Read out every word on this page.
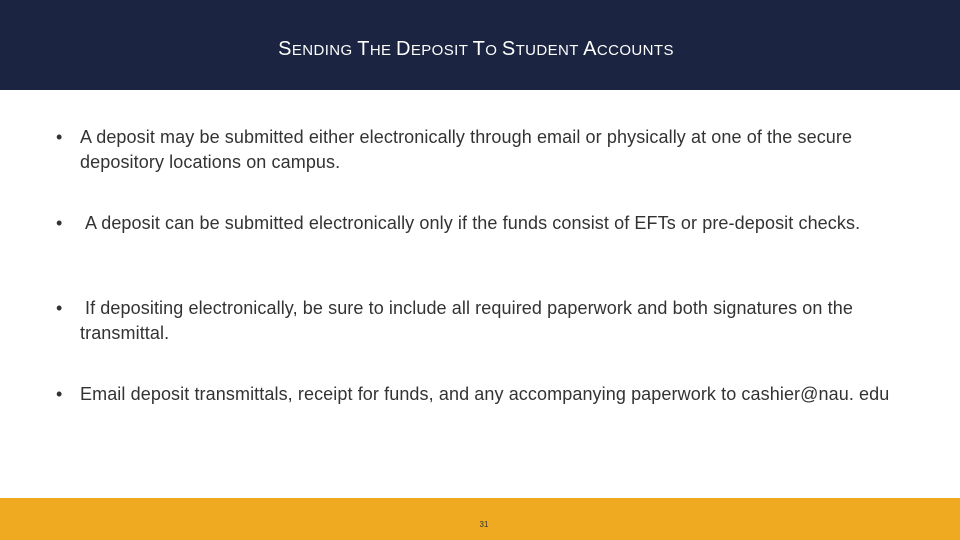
SENDING THE DEPOSIT TO STUDENT ACCOUNTS
• A deposit may be submitted either electronically through email or physically at one of the secure depository locations on campus.
• A deposit can be submitted electronically only if the funds consist of EFTs or pre-deposit checks.
• If depositing electronically, be sure to include all required paperwork and both signatures on the transmittal.
• Email deposit transmittals, receipt for funds, and any accompanying paperwork to cashier@nau. edu
31
